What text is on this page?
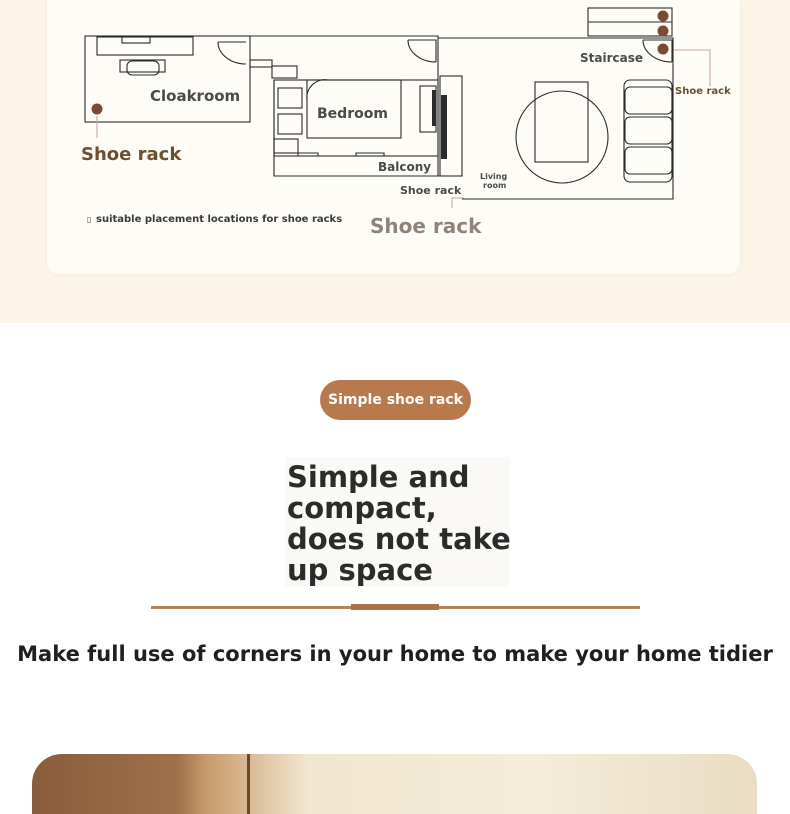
Cloakroom
Bedroom
Balcony
Staircase
Living
room
Shoe rack
Shoe rack
Shoe rack
Shoe rack
▯ suitable placement locations for shoe racks
Simple shoe rack
Simple and compact, does not take up space

Make full use of corners in your home to make your home tidier
